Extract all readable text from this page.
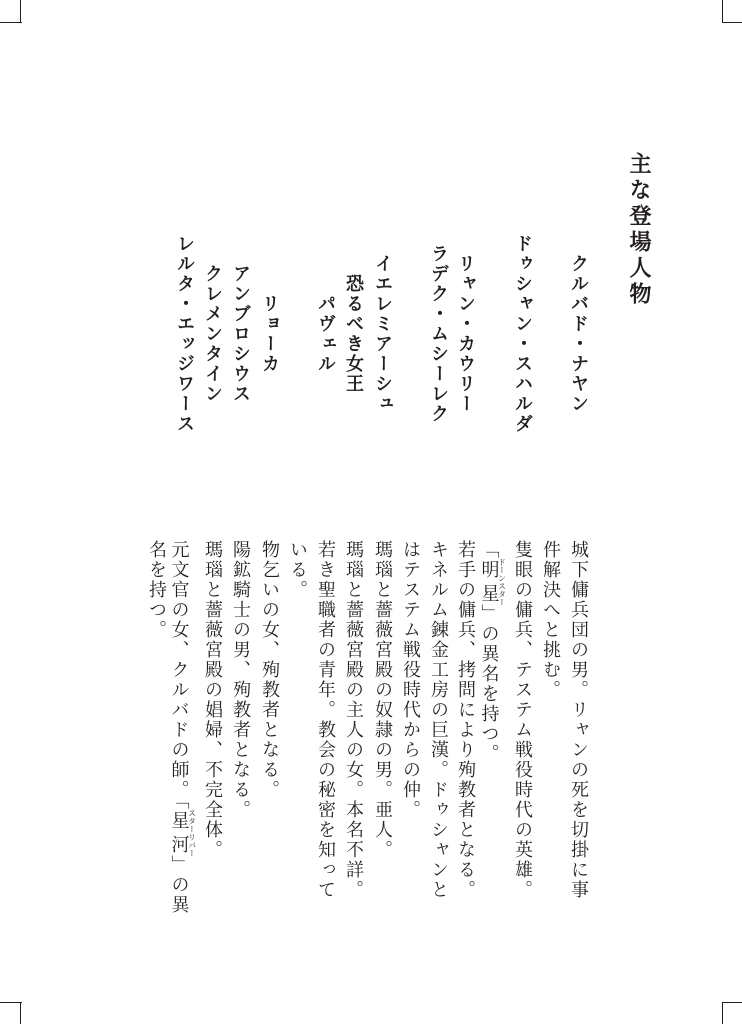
主な登場人物
クルバド・ナヤン
城下傭兵団の男。リャンの死を切掛に事
件解決へと挑む。
ドゥシャン・スハルダ
隻眼の傭兵、テステム戦役時代の英雄。
「明星ドーンスター」の異名を持つ。
リャン・カウリー
若手の傭兵、拷問により殉教者となる。
ラデク・ムシーレク
キネルム錬金工房の巨漢。ドゥシャンと
はテステム戦役時代からの仲。
イエレミアーシュ
瑪瑙と薔薇宮殿の奴隷の男。亜人。
恐るべき女王
瑪瑙と薔薇宮殿の主人の女。本名不詳。
パヴェル
若き聖職者の青年。教会の秘密を知って
いる。
リョーカ
物乞いの女、殉教者となる。
アンブロシウス
陽鉱騎士の男、殉教者となる。
クレメンタイン
瑪瑙と薔薇宮殿の娼婦、不完全体。
レルタ・エッジワース
元文官の女、クルバドの師。「星河スターリバー」の異
名を持つ。
